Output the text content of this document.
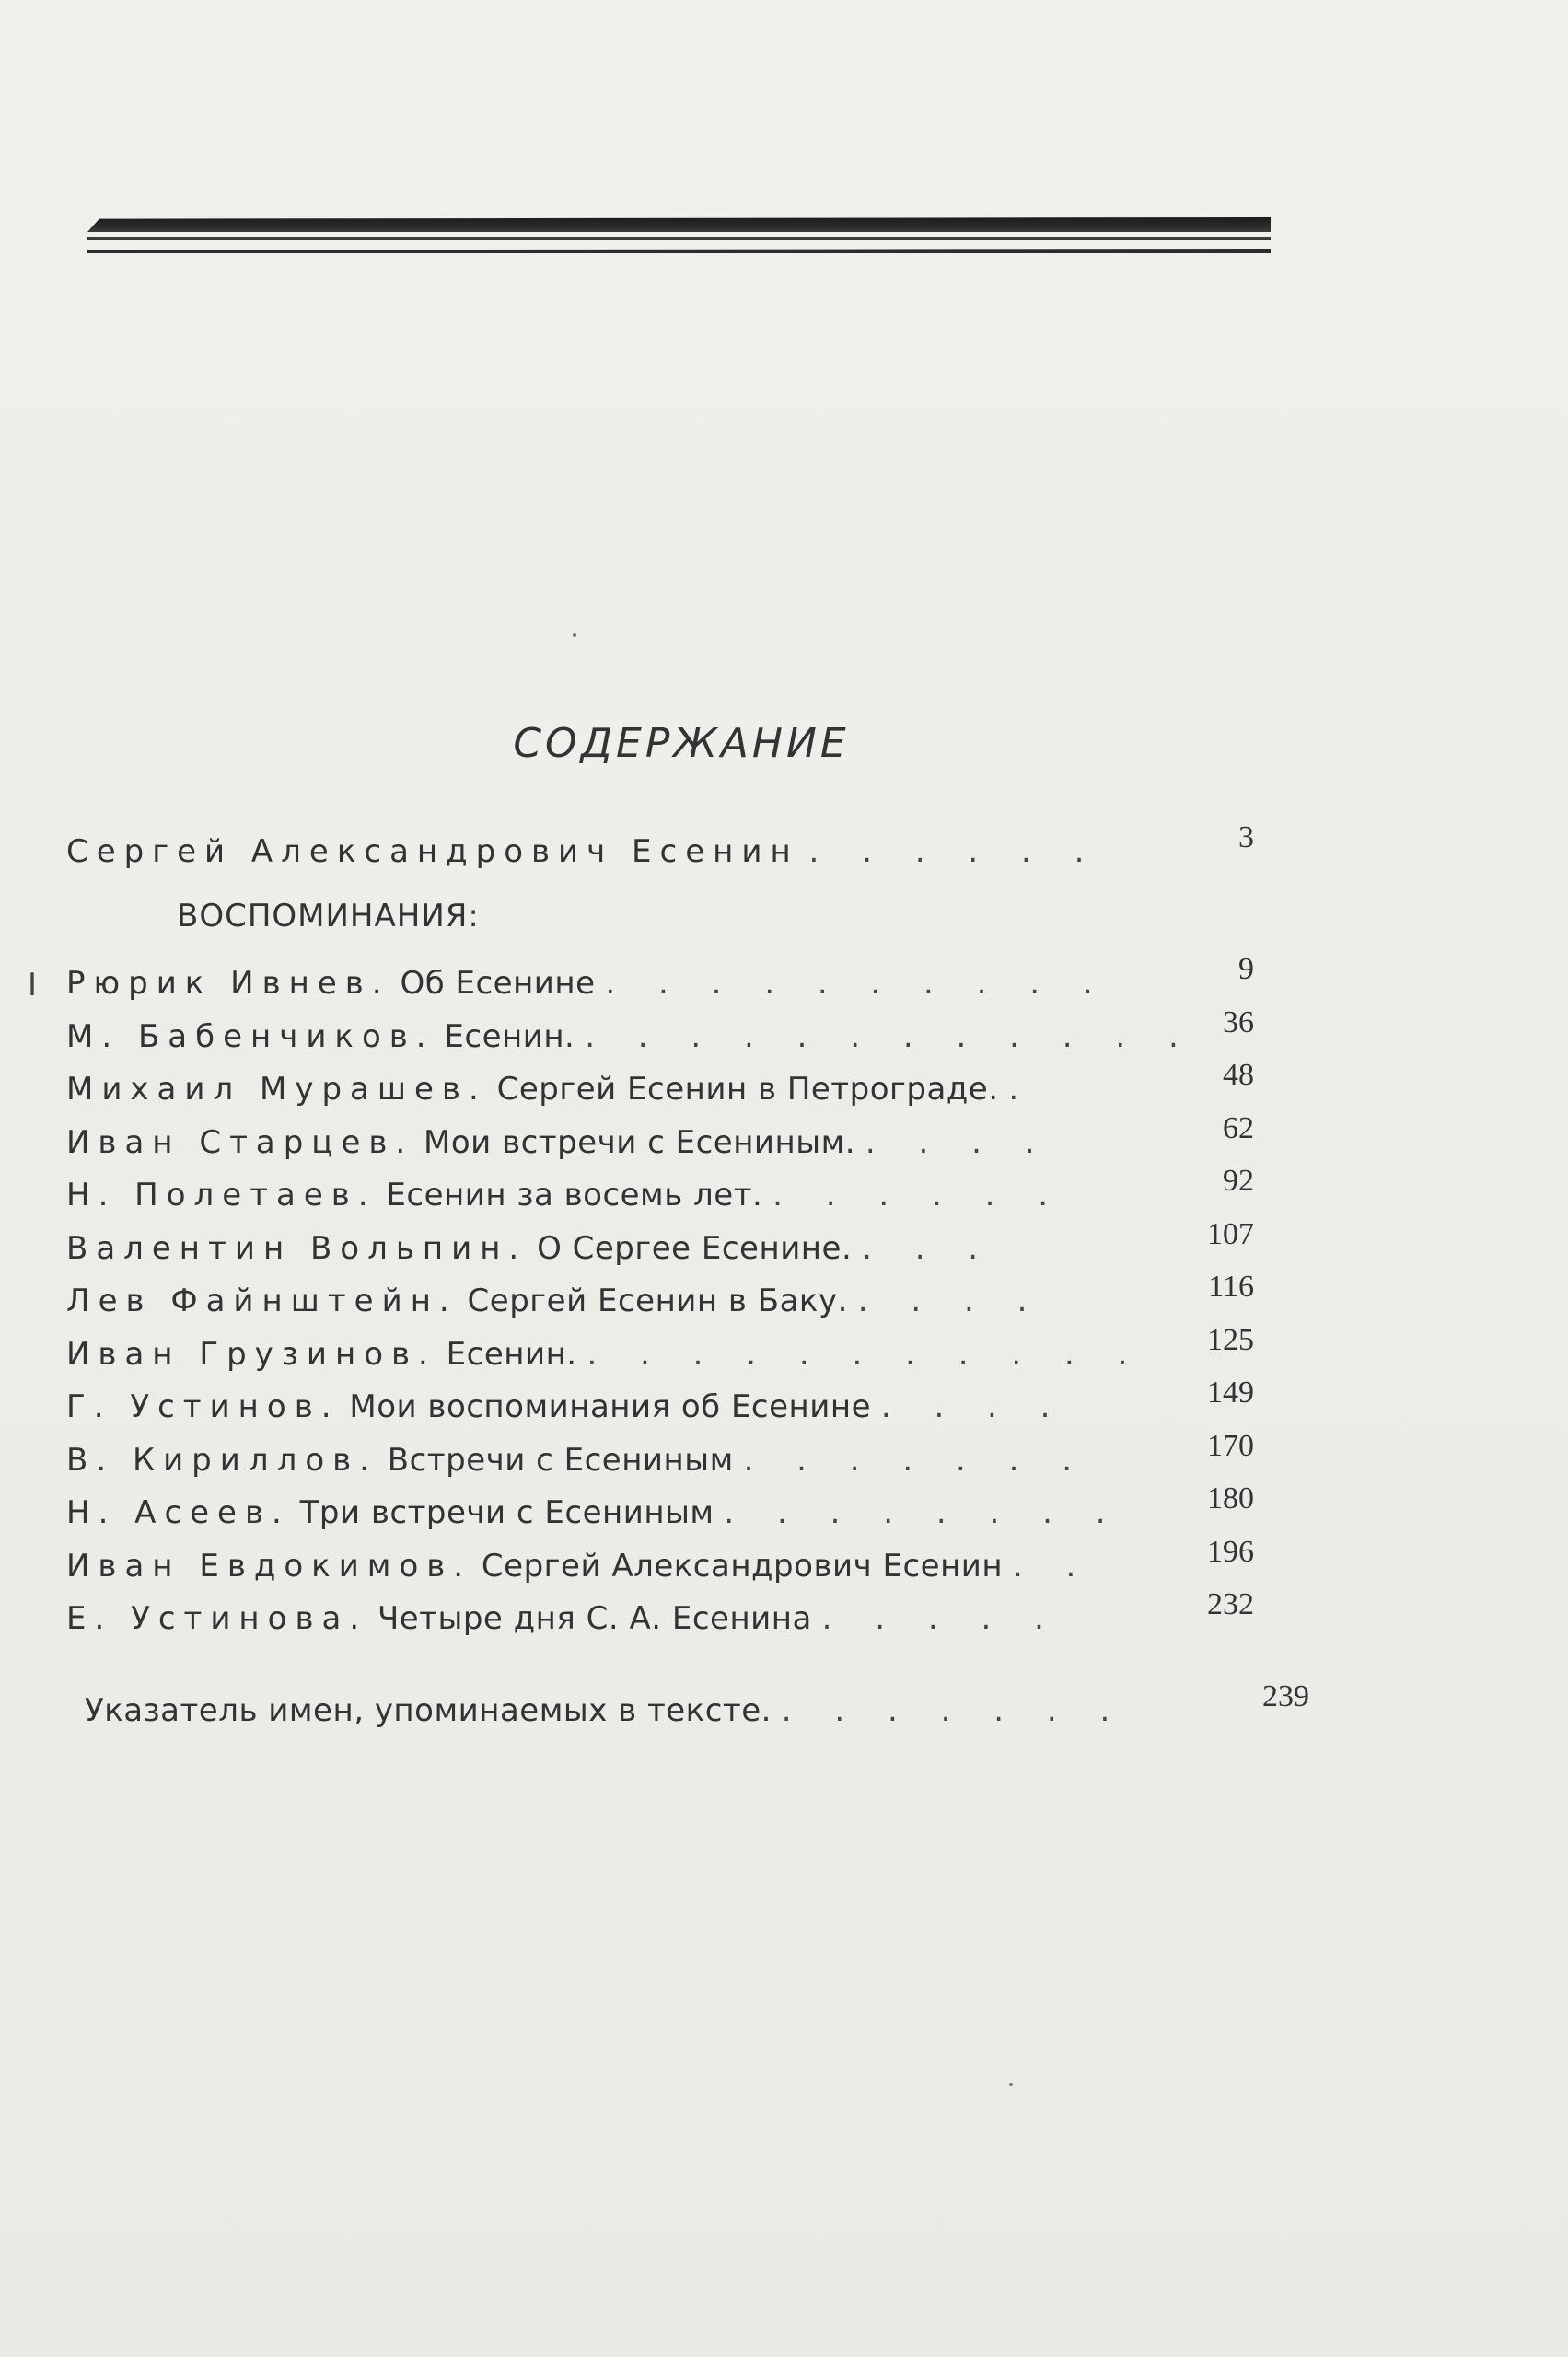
СОДЕРЖАНИЕ
Сергей Александрович Есенин . . . . . .	3
ВОСПОМИНАНИЯ:
I Рюрик Ивнев. Об Есенине . . . . . . . . . .	9
М. Бабенчиков. Есенин. . . . . . . . . . . . . 36
Михаил Мурашев. Сергей Есенин в Петрограде. .	48
Иван Старцев. Мои встречи с Есениным. . . . .	62
Н. Полетаев. Есенин за восемь лет. . . . . . .	92
Валентин Вольпин. О Сергее Есенине. . . .	107
Лев Файнштейн. Сергей Есенин в Баку. . . . .	116
Иван Грузинов. Есенин. . . . . . . . . . . . 125
Г. Устинов. Мои воспоминания об Есенине . . . .	149
В. Кириллов. Встречи с Есениным . . . . . . .	170
Н. Асеев. Три встречи с Есениным . . . . . . . .	180
Иван Евдокимов. Сергей Александрович Есенин . .	196
Е. Устинова. Четыре дня С. А. Есенина . . . . .	232
Указатель имен, упоминаемых в тексте. . . . . . . .	239
